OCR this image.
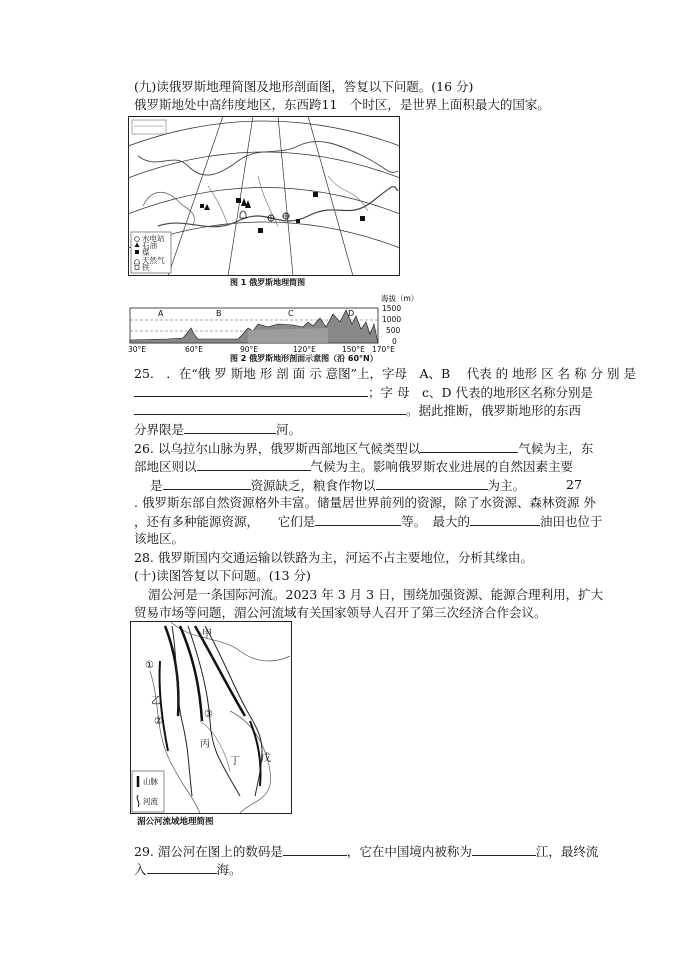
(九)读俄罗斯地理简图及地形剖面图，答复以下问题。(16 分)
俄罗斯地处中高纬度地区，东西跨11　个时区，是世界上面积最大的国家。
水电站
石油
煤
天然气
铁
图 1 俄罗斯地理简图
海拔（m）
A	B	C	D
1500
1000
500
0
30°E	60°E	90°E	120°E	150°E 170°E
图 2 俄罗斯地形剖面示意图（沿 60°N）
25.　．在“俄 罗 斯地 形 剖 面 示 意图”上，字母　A、B　 代表 的 地形 区 名 称 分 别 是
；字 母　c、D 代表的地形区名称分别是
。据此推断，俄罗斯地形的东西
分界限是	河。
26. 以乌拉尔山脉为界，俄罗斯西部地区气候类型以	气候为主，东
部地区则以	气候为主。影响俄罗斯农业进展的自然因素主要
是	资源缺乏，粮食作物以	为主。	27
. 俄罗斯东部自然资源格外丰富。储量居世界前列的资源，除了水资源、森林资源 外
，还有多种能源资源，　　它们是	等。　最大的	油田也位于
该地区。
28. 俄罗斯国内交通运输以铁路为主，河运不占主要地位，分析其缘由。
(十)读图答复以下问题。(13 分)
湄公河是一条国际河流。2023 年 3 月 3 日，围绕加强资源、能源合理利用，扩大
贸易市场等问题，湄公河流域有关国家领导人召开了第三次经济合作会议。
甲
①
乙
②
③
丙
丁 戊
山脉
河流
湄公河流域地理简图
29. 湄公河在图上的数码是	，它在中国境内被称为	江，最终流
入	海。
